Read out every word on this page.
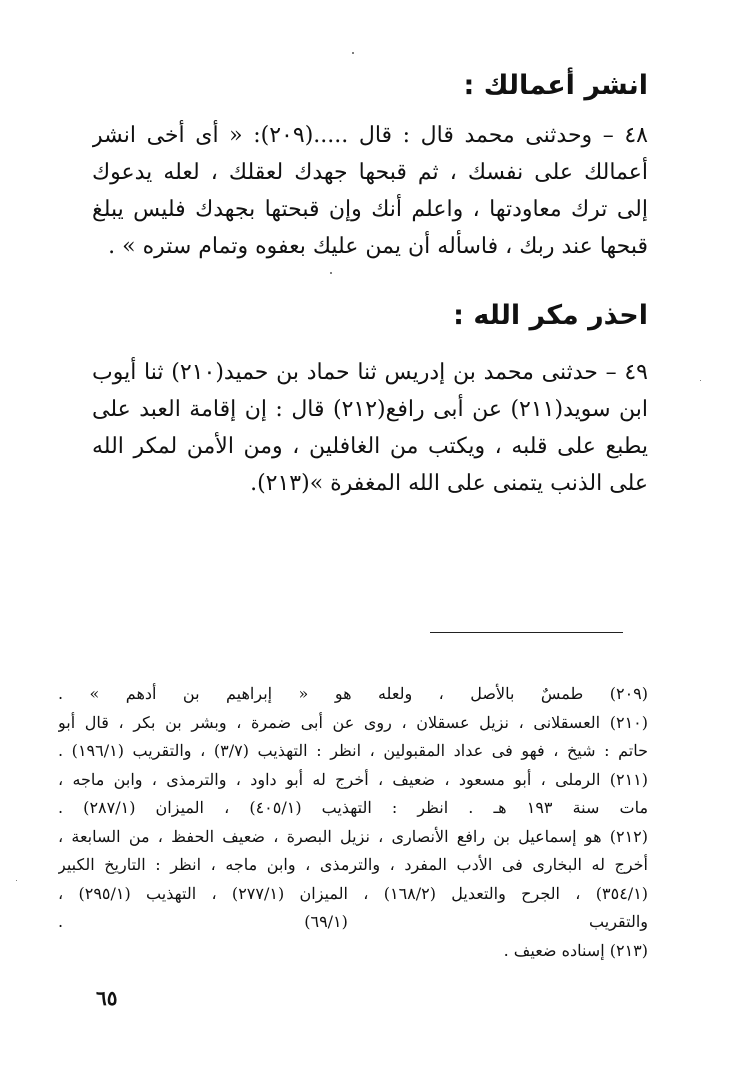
انشر أعمالك :
٤٨ – وحدثنى محمد قال : قال .....(٢٠٩): « أى أخى انشر
أعمالك على نفسك ، ثم قبحها جهدك لعقلك ، لعله يدعوك
إلى ترك معاودتها ، واعلم أنك وإن قبحتها بجهدك فليس يبلغ
قبحها عند ربك ، فاسأله أن يمن عليك بعفوه وتمام ستره » .
احذر مكر الله :
٤٩ – حدثنى محمد بن إدريس ثنا حماد بن حميد(٢١٠) ثنا أيوب
ابن سويد(٢١١) عن أبى رافع(٢١٢) قال : إن إقامة العبد على
يطبع على قلبه ، ويكتب من الغافلين ، ومن الأمن لمكر الله
على الذنب يتمنى على الله المغفرة »(٢١٣).
(٢٠٩) طمسٌ بالأصل ، ولعله هو « إبراهيم بن أدهم » .
(٢١٠) العسقلانى ، نزيل عسقلان ، روى عن أبى ضمرة ، وبشر بن بكر ، قال أبو
حاتم : شيخ ، فهو فى عداد المقبولين ، انظر : التهذيب (٣/٧) ، والتقريب (١٩٦/١) .
(٢١١) الرملى ، أبو مسعود ، ضعيف ، أخرج له أبو داود ، والترمذى ، وابن ماجه ،
مات سنة ١٩٣ هـ . انظر : التهذيب (٤٠٥/١) ، الميزان (٢٨٧/١) .
(٢١٢) هو إسماعيل بن رافع الأنصارى ، نزيل البصرة ، ضعيف الحفظ ، من السابعة ،
أخرج له البخارى فى الأدب المفرد ، والترمذى ، وابن ماجه ، انظر : التاريخ الكبير
(٣٥٤/١) ، الجرح والتعديل (١٦٨/٢) ، الميزان (٢٧٧/١) ، التهذيب (٢٩٥/١) ،
والتقريب (٦٩/١) .
(٢١٣) إسناده ضعيف .
٦٥
